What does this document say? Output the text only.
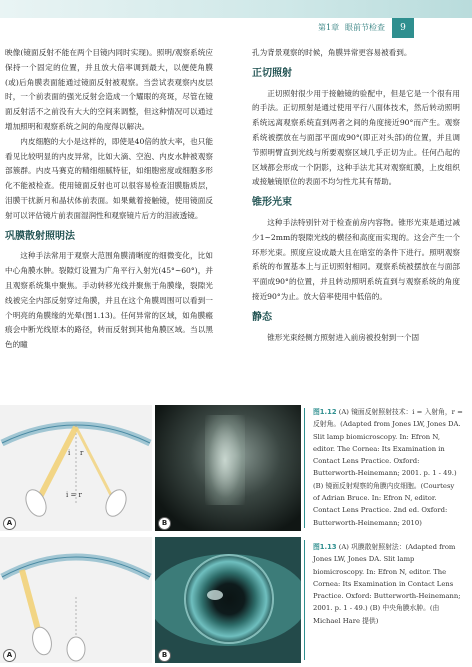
第1章 眼前节检查	9

映像(镜面反射不能在两个目镜内同时实现)。照明/观察系统应保持一个固定的位置，并且放大倍率调到最大，以便使角膜(或)后角膜表面能通过镜面反射被观察。当尝试表观察内皮层时，一个前表面的强光反射会造成一个耀眼的亮斑，尽管在镜面反射活不之前没有大大的空间来调整，但这种情况可以通过增加照明和观察系统之间的角度得以解决。

内皮细胞的大小是这样的，即使是40倍的放大率，也只能看见比较明显的内皮异常，比如大滴、空泡、内皮水肿被观察部簇群。内皮马赛克的精细细腻特征，如细胞密度或细胞多形化不能被检查。使用镜面反射也可以很容易检查泪膜脂质层，泪膜干扰新月和晶状体前表面。如果戴着接触镜，使用镜面反射可以评估镜片前表面湿润性和观察镜片后方的泪液透镜。

巩膜散射照明法

这种手法常用于观察大范围角膜清晰度的细微变化，比如中心角膜水肿。裂隙灯设置为广角平行入射光(45°~60°)，并且观察系统集中聚焦。手动转移光线并聚焦于角膜缘，裂隙光线被完全内部反射穿过角膜，并且在这个角膜周围可以看到一个明亮的角膜缘的光晕(图1.13)。任何异常的区域，如角膜瘢痕会中断光线原本的路径，转而反射到其他角膜区域。当以黑色的瞳

孔为背景观察的时候，角膜异常更容易被看到。

正切照射

正切照射很少用于接触镜的验配中，但是它是一个很有用的手法。正切照射是通过使用平行八面体技术，然后转动照明系统远离观察系统直到两者之间的角度接近90°而产生。观察系统被摆放在与面部平面成90°(即正对头部)的位置，并且调节照明臂直到光线与所要观察区域几乎正切为止。任何凸起的区域都会形成一个阴影，这种手法尤其对观察虹膜，上皮组织或接触镜原位的表面不均匀性尤其有帮助。

锥形光束

这种手法特别针对于检查前房内容物。锥形光束是通过减少1~2mm的裂隙光线的横径和高度而实现的。这会产生一个环形光束。照度应设成最大且在暗室的条件下进行。照明观察系统的布置基本上与正切照射相同。观察系统被摆放在与面部平面成90°的位置，并且转动照明系统直到与观察系统的角度接近90°为止。放大倍率使用中低倍的。

静态

锥形光束经侧方照射进入前房被投射到一个固

i r
i = r
A	B
图1.12 (A) 镜面反射照射技术：i = 入射角，r = 反射角。(Adapted from Jones LW, Jones DA. Slit lamp biomicroscopy. In: Efron N, editor. The Cornea: Its Examination in Contact Lens Practice. Oxford: Butterworth-Heinemann; 2001. p. 1 - 49.) (B) 镜面反射观察的角膜内皮细胞。(Courtesy of Adrian Bruce. In: Efron N, editor. Contact Lens Practice. 2nd ed. Oxford: Butterworth-Heinemann; 2010)
A	B
图1.13 (A) 巩膜散射照射法：(Adapted from Jones LW, Jones DA. Slit lamp biomicroscopy. In: Efron N, editor. The Cornea: Its Examination in Contact Lens Practice. Oxford: Butterworth-Heinemann; 2001. p. 1 - 49.) (B) 中央角膜水肿。(由 Michael Hare 提供)
